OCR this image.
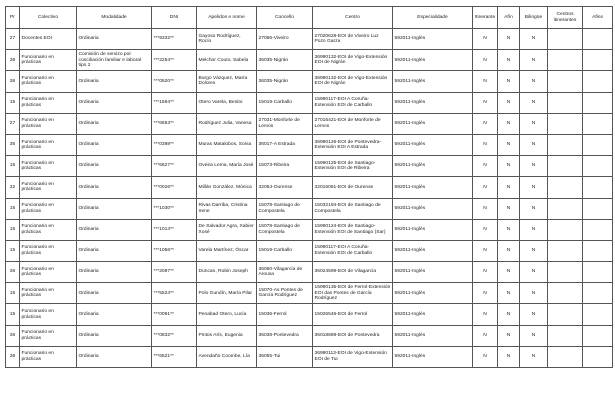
Pr	Colectivo	Modalidade	DNI	Apelidos e nome	Concello	Centro	Especialidade	Itinerante	Afín	Bilingüe	Centros itinerantes	Afins
27	Docentes EOI	Ordinaria	***9332**	Gayoso Rodríguez, Rocío	27066-Viveiro	27020628-EOI de Viveiro Luz Pozo Garza	592011-Inglés	N	N	N		
36	Funcionario en prácticas	Comisión de servizo por conciliación familiar e laboral tipo 2	***2254**	Melchor Couto, Sabela	36035-Nigrán	36990132-EOI de Vigo-Extensión EOI de Nigrán	592011-Inglés	N	N	N		
36	Funcionario en prácticas	Ordinaria	***0520**	Burgo Vázquez, María Dolores	36035-Nigrán	36990132-EOI de Vigo-Extensión EOI de Nigrán	592011-Inglés	N	N	N		
15	Funcionario en prácticas	Ordinaria	***1594**	Otero Varela, Benito	15019-Carballo	15990117-EOI A Coruña-Extensión EOI de Carballo	592011-Inglés	N	N	N		
27	Funcionario en prácticas	Ordinaria	***6653**	Rodríguez Julia, Vanesa	27031-Monforte de Lemos	27016421-EOI de Monforte de Lemos	592011-Inglés	N	N	N		
36	Funcionario en prácticas	Ordinaria	***0398**	Muras Matalobos, Sonia	36017-A Estrada	36990126-EOI de Pontevedra-Extensión EOI A Estrada	592011-Inglés	N	N	N		
15	Funcionario en prácticas	Ordinaria	***6627**	Oveira Lema, María José	15073-Ribeira	15990125-EOI de Santiago-Extensión EOI de Ribeira	592011-Inglés	N	N	N		
32	Funcionario en prácticas	Ordinaria	***0026**	Millán González, Mónica	32054-Ourense	32016081-EOI de Ourense	592011-Inglés	N	N	N		
15	Funcionario en prácticas	Ordinaria	***1030**	Rivas Darriba, Cristina Irene	15078-Santiago de Compostela	15032194-EOI de Santiago de Compostela	592011-Inglés	N	N	N		
15	Funcionario en prácticas	Ordinaria	***1014**	De Salvador Agra, Xabier Xosé	15078-Santiago de Compostela	15990124-EOI de Santiago-Extensión EOI de Santiago (Sar)	592011-Inglés	N	N	N		
15	Funcionario en prácticas	Ordinaria	***1056**	Varela Martínez, Óscar	15019-Carballo	15990117-EOI A Coruña-Extensión EOI de Carballo	592011-Inglés	N	N	N		
36	Funcionario en prácticas	Ordinaria	***2087**	Duncan, Robin Joseph	36060-Vilagarcía de Arousa	36024599-EOI de Vilagarcía	592011-Inglés	N	N	N		
15	Funcionario en prácticas	Ordinaria	***5524**	Polo Gundín, María Pilar	15070-As Pontes de García Rodríguez	15990135-EOI de Ferrol-Extensión EOI das Pontes de García Rodríguez	592011-Inglés	N	N	N		
15	Funcionario en prácticas	Ordinaria	***0091**	Penabad Otero, Lucía	15036-Ferrol	15026546-EOI de Ferrol	592011-Inglés	N	N	N		
36	Funcionario en prácticas	Ordinaria	***0832**	Pintos Arís, Eugenia	36038-Pontevedra	36018689-EOI de Pontevedra	592011-Inglés	N	N	N		
36	Funcionario en prácticas	Ordinaria	***6521**	Avendaño Coombe, Lía	36055-Tui	36990113-EOI de Vigo-Extensión EOI de Tui	592011-Inglés	N	N	N		
